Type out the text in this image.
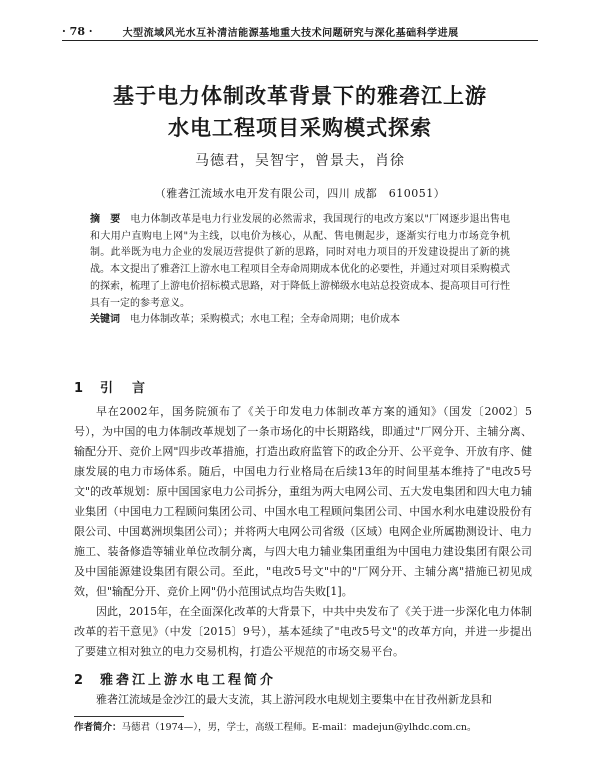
· 78 ·	大型流域风光水互补清洁能源基地重大技术问题研究与深化基础科学进展
基于电力体制改革背景下的雅砻江上游
水电工程项目采购模式探索
马德君，吴智宇，曾景夫，肖徐
（雅砻江流域水电开发有限公司，四川 成都　610051）
摘　要 电力体制改革是电力行业发展的必然需求，我国现行的电改方案以"厂网逐步退出售电和大用户直购电上网"为主线，以电价为核心，从配、售电侧起步，逐渐实行电力市场竞争机制。此举既为电力企业的发展迈营提供了新的思路，同时对电力项目的开发建设提出了新的挑战。本文提出了雅砻江上游水电工程项目全寿命周期成本优化的必要性，并通过对项目采购模式的探索，梳理了上游电价招标模式思路，对于降低上游梯级水电站总投资成本、提高项目可行性具有一定的参考意义。
关键词 电力体制改革；采购模式；水电工程；全寿命周期；电价成本
1 引　言

早在2002年，国务院颁布了《关于印发电力体制改革方案的通知》（国发〔2002〕5号），为中国的电力体制改革规划了一条市场化的中长期路线，即通过"厂网分开、主辅分离、输配分开、竞价上网"四步改革措施，打造出政府监管下的政企分开、公平竞争、开放有序、健康发展的电力市场体系。随后，中国电力行业格局在后续13年的时间里基本维持了"电改5号文"的改革规划：原中国国家电力公司拆分，重组为两大电网公司、五大发电集团和四大电力辅业集团（中国电力工程顾问集团公司、中国水电工程顾问集团公司、中国水利水电建设股份有限公司、中国葛洲坝集团公司）；并将两大电网公司省级（区域）电网企业所属勘测设计、电力施工、装备修造等辅业单位改制分离，与四大电力辅业集团重组为中国电力建设集团有限公司及中国能源建设集团有限公司。至此，"电改5号文"中的"厂网分开、主辅分离"措施已初见成效，但"输配分开、竞价上网"仍小范围试点均告失败[1]。

因此，2015年，在全面深化改革的大背景下，中共中央发布了《关于进一步深化电力体制改革的若干意见》（中发〔2015〕9号），基本延续了"电改5号文"的改革方向，并进一步提出了要建立相对独立的电力交易机构，打造公平规范的市场交易平台。

2 雅砻江上游水电工程简介

雅砻江流域是金沙江的最大支流，其上游河段水电规划主要集中在甘孜州新龙县和

作者简介：马德君（1974—），男，学士，高级工程师。E-mail：madejun@ylhdc.com.cn。
